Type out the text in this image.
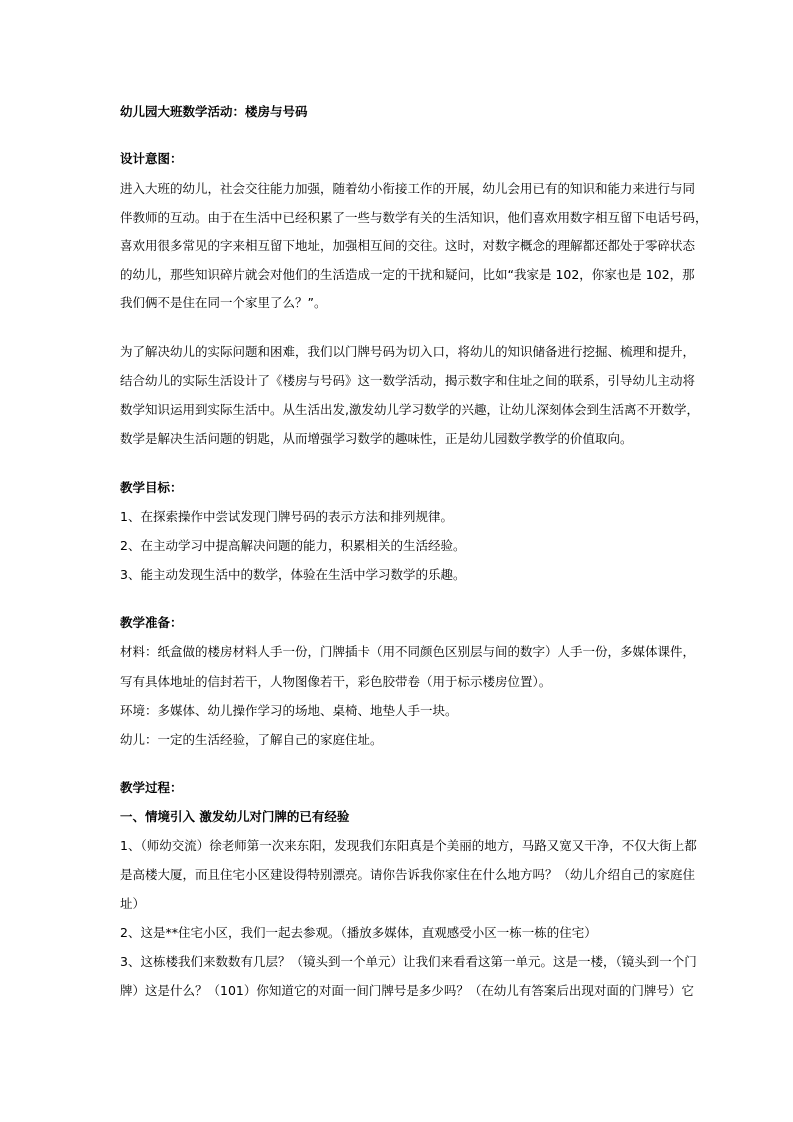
幼儿园大班数学活动：楼房与号码

设计意图：

进入大班的幼儿，社会交往能力加强，随着幼小衔接工作的开展，幼儿会用已有的知识和能力来进行与同

伴教师的互动。由于在生活中已经积累了一些与数学有关的生活知识，他们喜欢用数字相互留下电话号码，

喜欢用很多常见的字来相互留下地址，加强相互间的交往。这时，对数字概念的理解都还都处于零碎状态

的幼儿，那些知识碎片就会对他们的生活造成一定的干扰和疑问，比如“我家是 102，你家也是 102，那

我们俩不是住在同一个家里了么？”。

为了解决幼儿的实际问题和困难，我们以门牌号码为切入口，将幼儿的知识储备进行挖掘、梳理和提升，

结合幼儿的实际生活设计了《楼房与号码》这一数学活动，揭示数字和住址之间的联系，引导幼儿主动将

数学知识运用到实际生活中。从生活出发,激发幼儿学习数学的兴趣，让幼儿深刻体会到生活离不开数学，

数学是解决生活问题的钥匙，从而增强学习数学的趣味性，正是幼儿园数学教学的价值取向。

教学目标：

1、在探索操作中尝试发现门牌号码的表示方法和排列规律。

2、在主动学习中提高解决问题的能力，积累相关的生活经验。

3、能主动发现生活中的数学，体验在生活中学习数学的乐趣。

教学准备：

材料：纸盒做的楼房材料人手一份，门牌插卡（用不同颜色区别层与间的数字）人手一份，多媒体课件，

写有具体地址的信封若干，人物图像若干，彩色胶带卷（用于标示楼房位置）。

环境：多媒体、幼儿操作学习的场地、桌椅、地垫人手一块。

幼儿：一定的生活经验，了解自己的家庭住址。

教学过程：

一、情境引入 激发幼儿对门牌的已有经验

1、（师幼交流）徐老师第一次来东阳，发现我们东阳真是个美丽的地方，马路又宽又干净，不仅大街上都

是高楼大厦，而且住宅小区建设得特别漂亮。请你告诉我你家住在什么地方吗？（幼儿介绍自己的家庭住

址）

2、这是**住宅小区，我们一起去参观。（播放多媒体，直观感受小区一栋一栋的住宅）

3、这栋楼我们来数数有几层？（镜头到一个单元）让我们来看看这第一单元。这是一楼，（镜头到一个门

牌）这是什么？（101）你知道它的对面一间门牌号是多少吗？（在幼儿有答案后出现对面的门牌号）它
